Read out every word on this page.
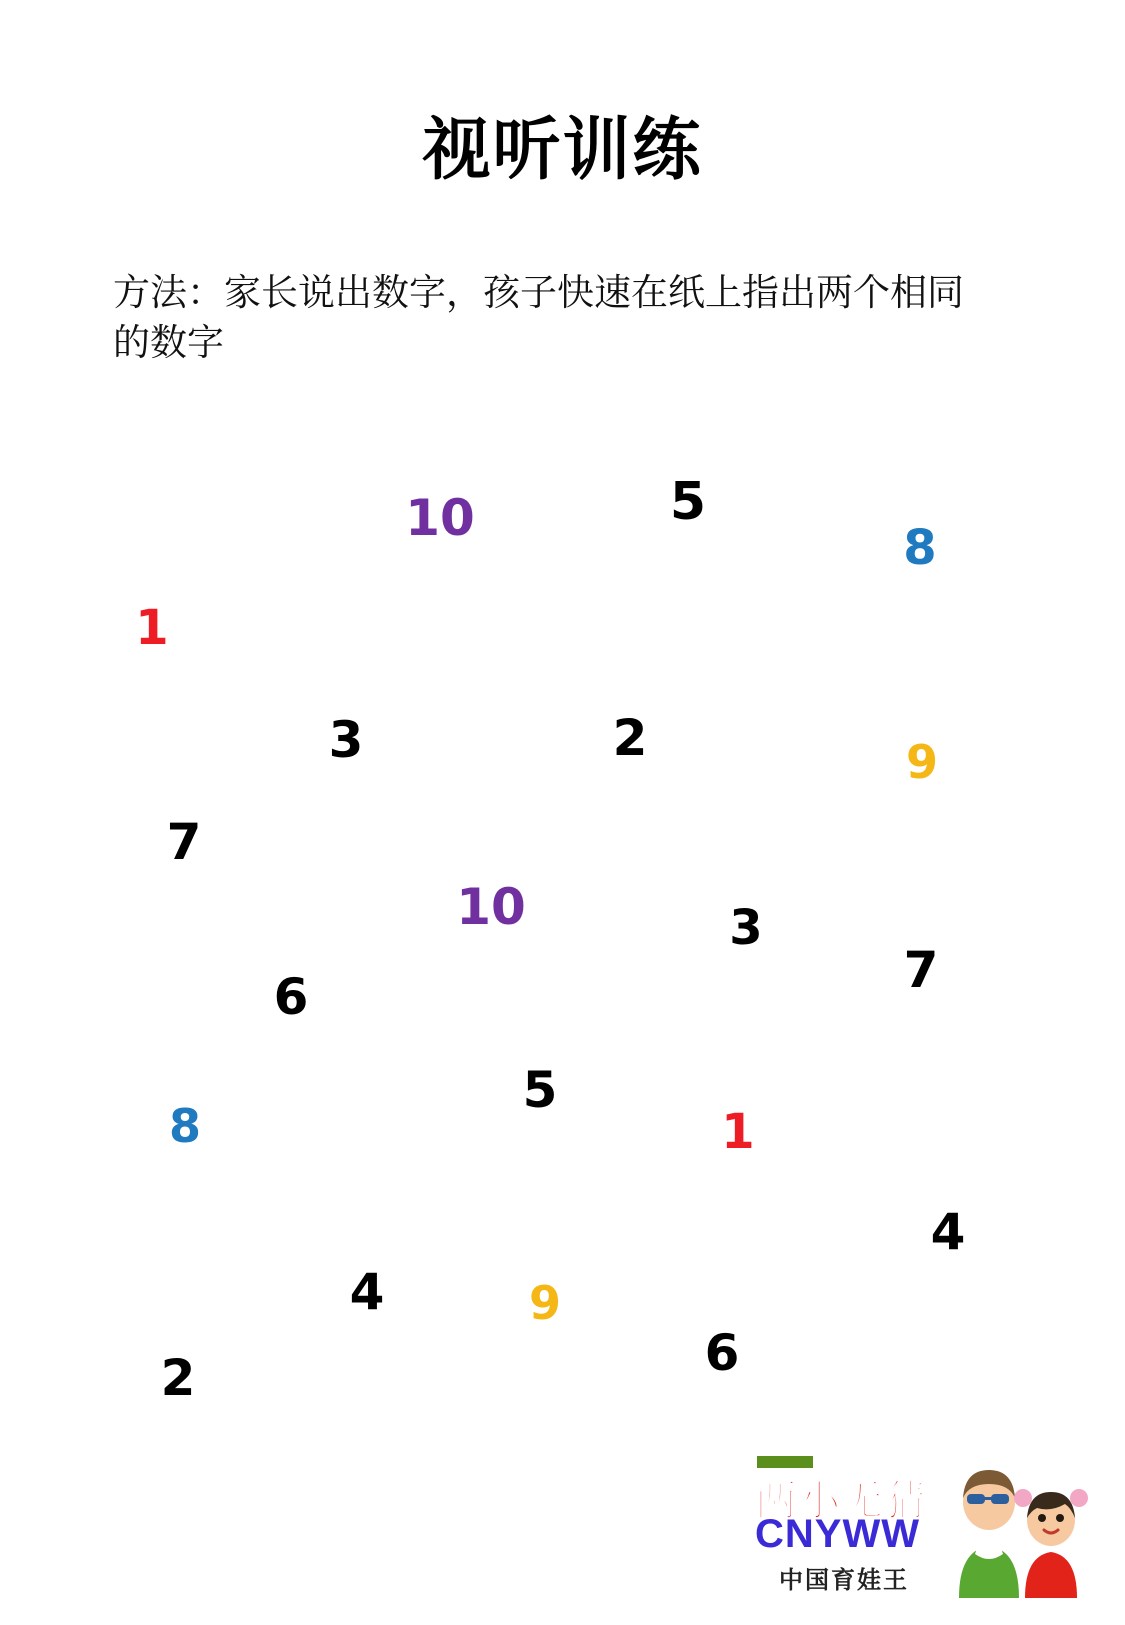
视听训练
方法：家长说出数字，孩子快速在纸上指出两个相同的数字
10	5
8
1
3	2	9
7
10	3
7
6
5
8	1
4
4	9
6
2
两小无猜
CNYWW
中国育娃王
